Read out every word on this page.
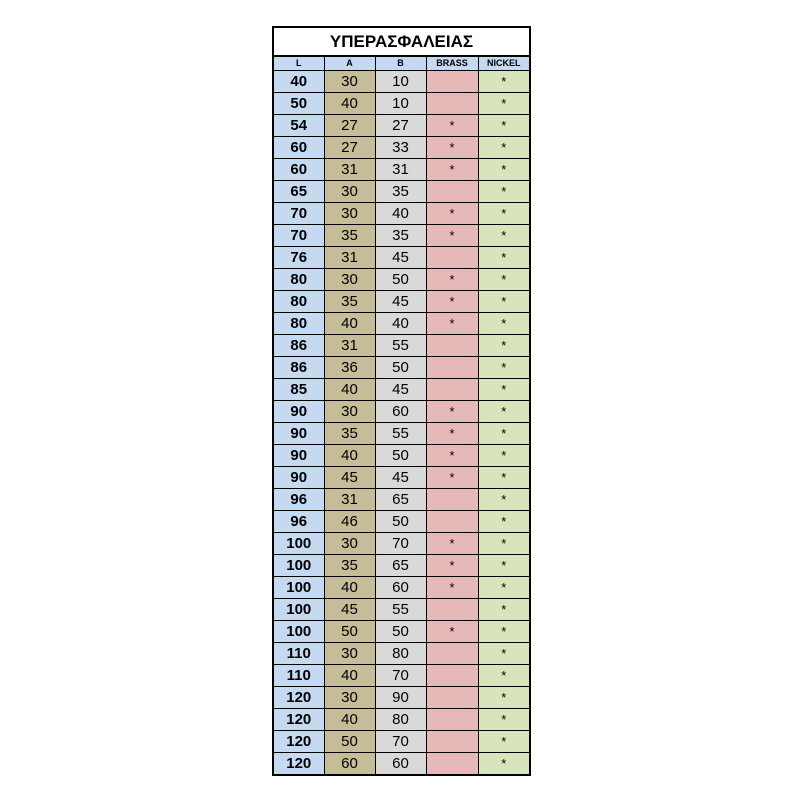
ΥΠΕΡΑΣΦΑΛΕΙΑΣ				
L	A	B	BRASS	NICKEL
40	30	10		*
50	40	10		*
54	27	27	*	*
60	27	33	*	*
60	31	31	*	*
65	30	35		*
70	30	40	*	*
70	35	35	*	*
76	31	45		*
80	30	50	*	*
80	35	45	*	*
80	40	40	*	*
86	31	55		*
86	36	50		*
85	40	45		*
90	30	60	*	*
90	35	55	*	*
90	40	50	*	*
90	45	45	*	*
96	31	65		*
96	46	50		*
100	30	70	*	*
100	35	65	*	*
100	40	60	*	*
100	45	55		*
100	50	50	*	*
110	30	80		*
110	40	70		*
120	30	90		*
120	40	80		*
120	50	70		*
120	60	60		*
